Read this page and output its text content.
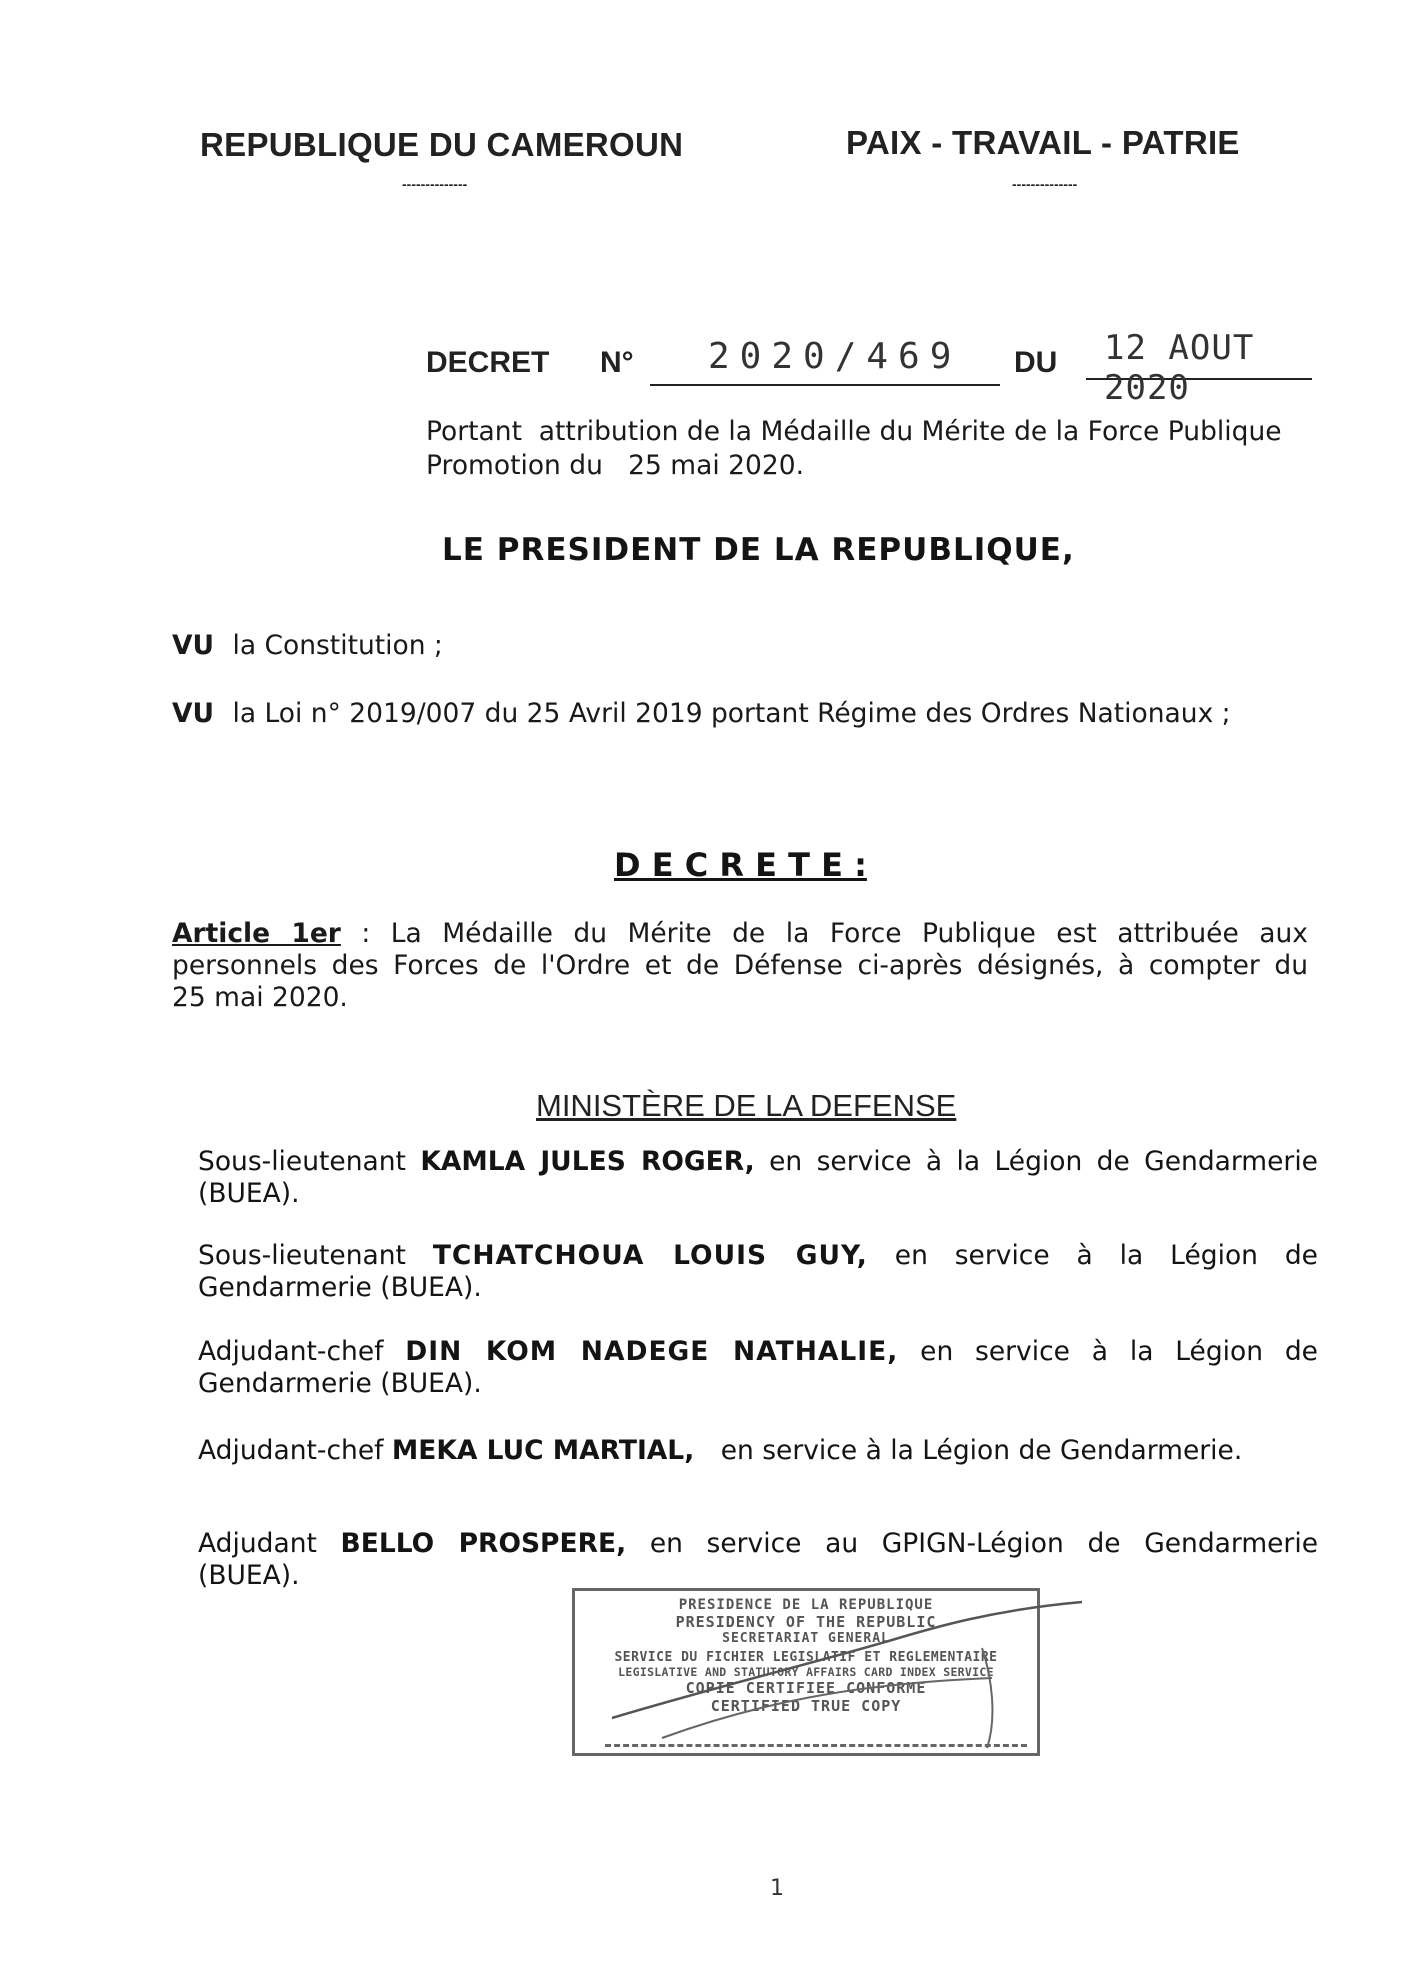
REPUBLIQUE DU CAMEROUN
--------------
PAIX - TRAVAIL - PATRIE
--------------
DECRET N° 2020/469 DU 12 AOUT 2020
Portant  attribution de la Médaille du Mérite de la Force Publique
Promotion du   25 mai 2020.
LE PRESIDENT DE LA REPUBLIQUE,
VU la Constitution ;
VU la Loi n° 2019/007 du 25 Avril 2019 portant Régime des Ordres Nationaux ;
D E C R E T E :
Article 1er : La Médaille du Mérite de la Force Publique est attribuée aux
personnels des Forces de l'Ordre et de Défense ci-après désignés, à compter du
25 mai 2020.
MINISTÈRE DE LA DEFENSE
Sous-lieutenant KAMLA JULES ROGER, en service à la Légion de Gendarmerie
(BUEA).
Sous-lieutenant TCHATCHOUA LOUIS GUY, en service à la Légion de
Gendarmerie (BUEA).
Adjudant-chef DIN KOM NADEGE NATHALIE, en service à la Légion de
Gendarmerie (BUEA).
Adjudant-chef MEKA LUC MARTIAL, en service à la Légion de Gendarmerie.
Adjudant BELLO PROSPERE, en service au GPIGN-Légion de Gendarmerie
(BUEA).
PRESIDENCE DE LA REPUBLIQUE
PRESIDENCY OF THE REPUBLIC
SECRETARIAT GENERAL
SERVICE DU FICHIER LEGISLATIF ET REGLEMENTAIRE
LEGISLATIVE AND STATUTORY AFFAIRS CARD INDEX SERVICE
COPIE CERTIFIEE CONFORME
CERTIFIED TRUE COPY
1
